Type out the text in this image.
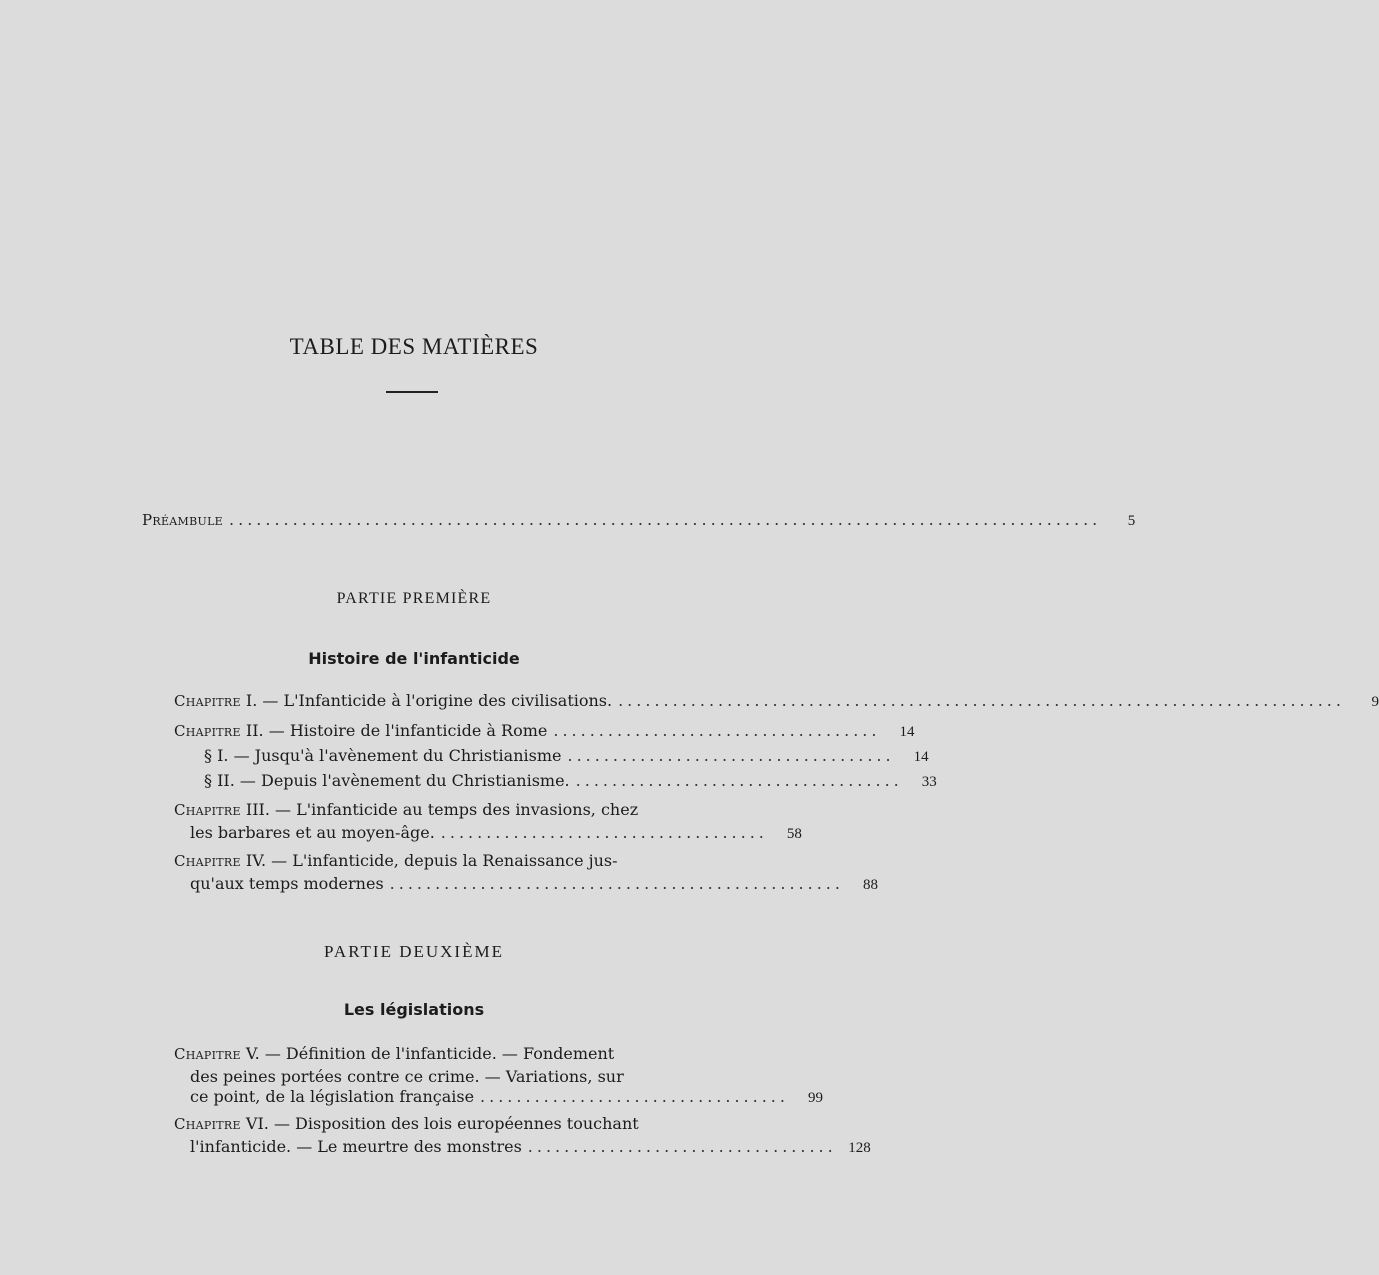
TABLE DES MATIÈRES
Préambule ................................................................................................	5
PARTIE PREMIÈRE
Histoire de l'infanticide
Chapitre I. — L'Infanticide à l'origine des civilisations. ................................................................................	9
Chapitre II. — Histoire de l'infanticide à Rome ....................................	14
§ I. — Jusqu'à l'avènement du Christianisme ....................................	14
§ II. — Depuis l'avènement du Christianisme. ....................................	33
Chapitre III. — L'infanticide au temps des invasions, chez
les barbares et au moyen-âge. ....................................	58
Chapitre IV. — L'infanticide, depuis la Renaissance jus-
qu'aux temps modernes ..................................................	88
PARTIE DEUXIÈME
Les législations
Chapitre V. — Définition de l'infanticide. — Fondement
des peines portées contre ce crime. — Variations, sur
ce point, de la législation française ..................................	99
Chapitre VI. — Disposition des lois européennes touchant
l'infanticide. — Le meurtre des monstres .................................. 128
